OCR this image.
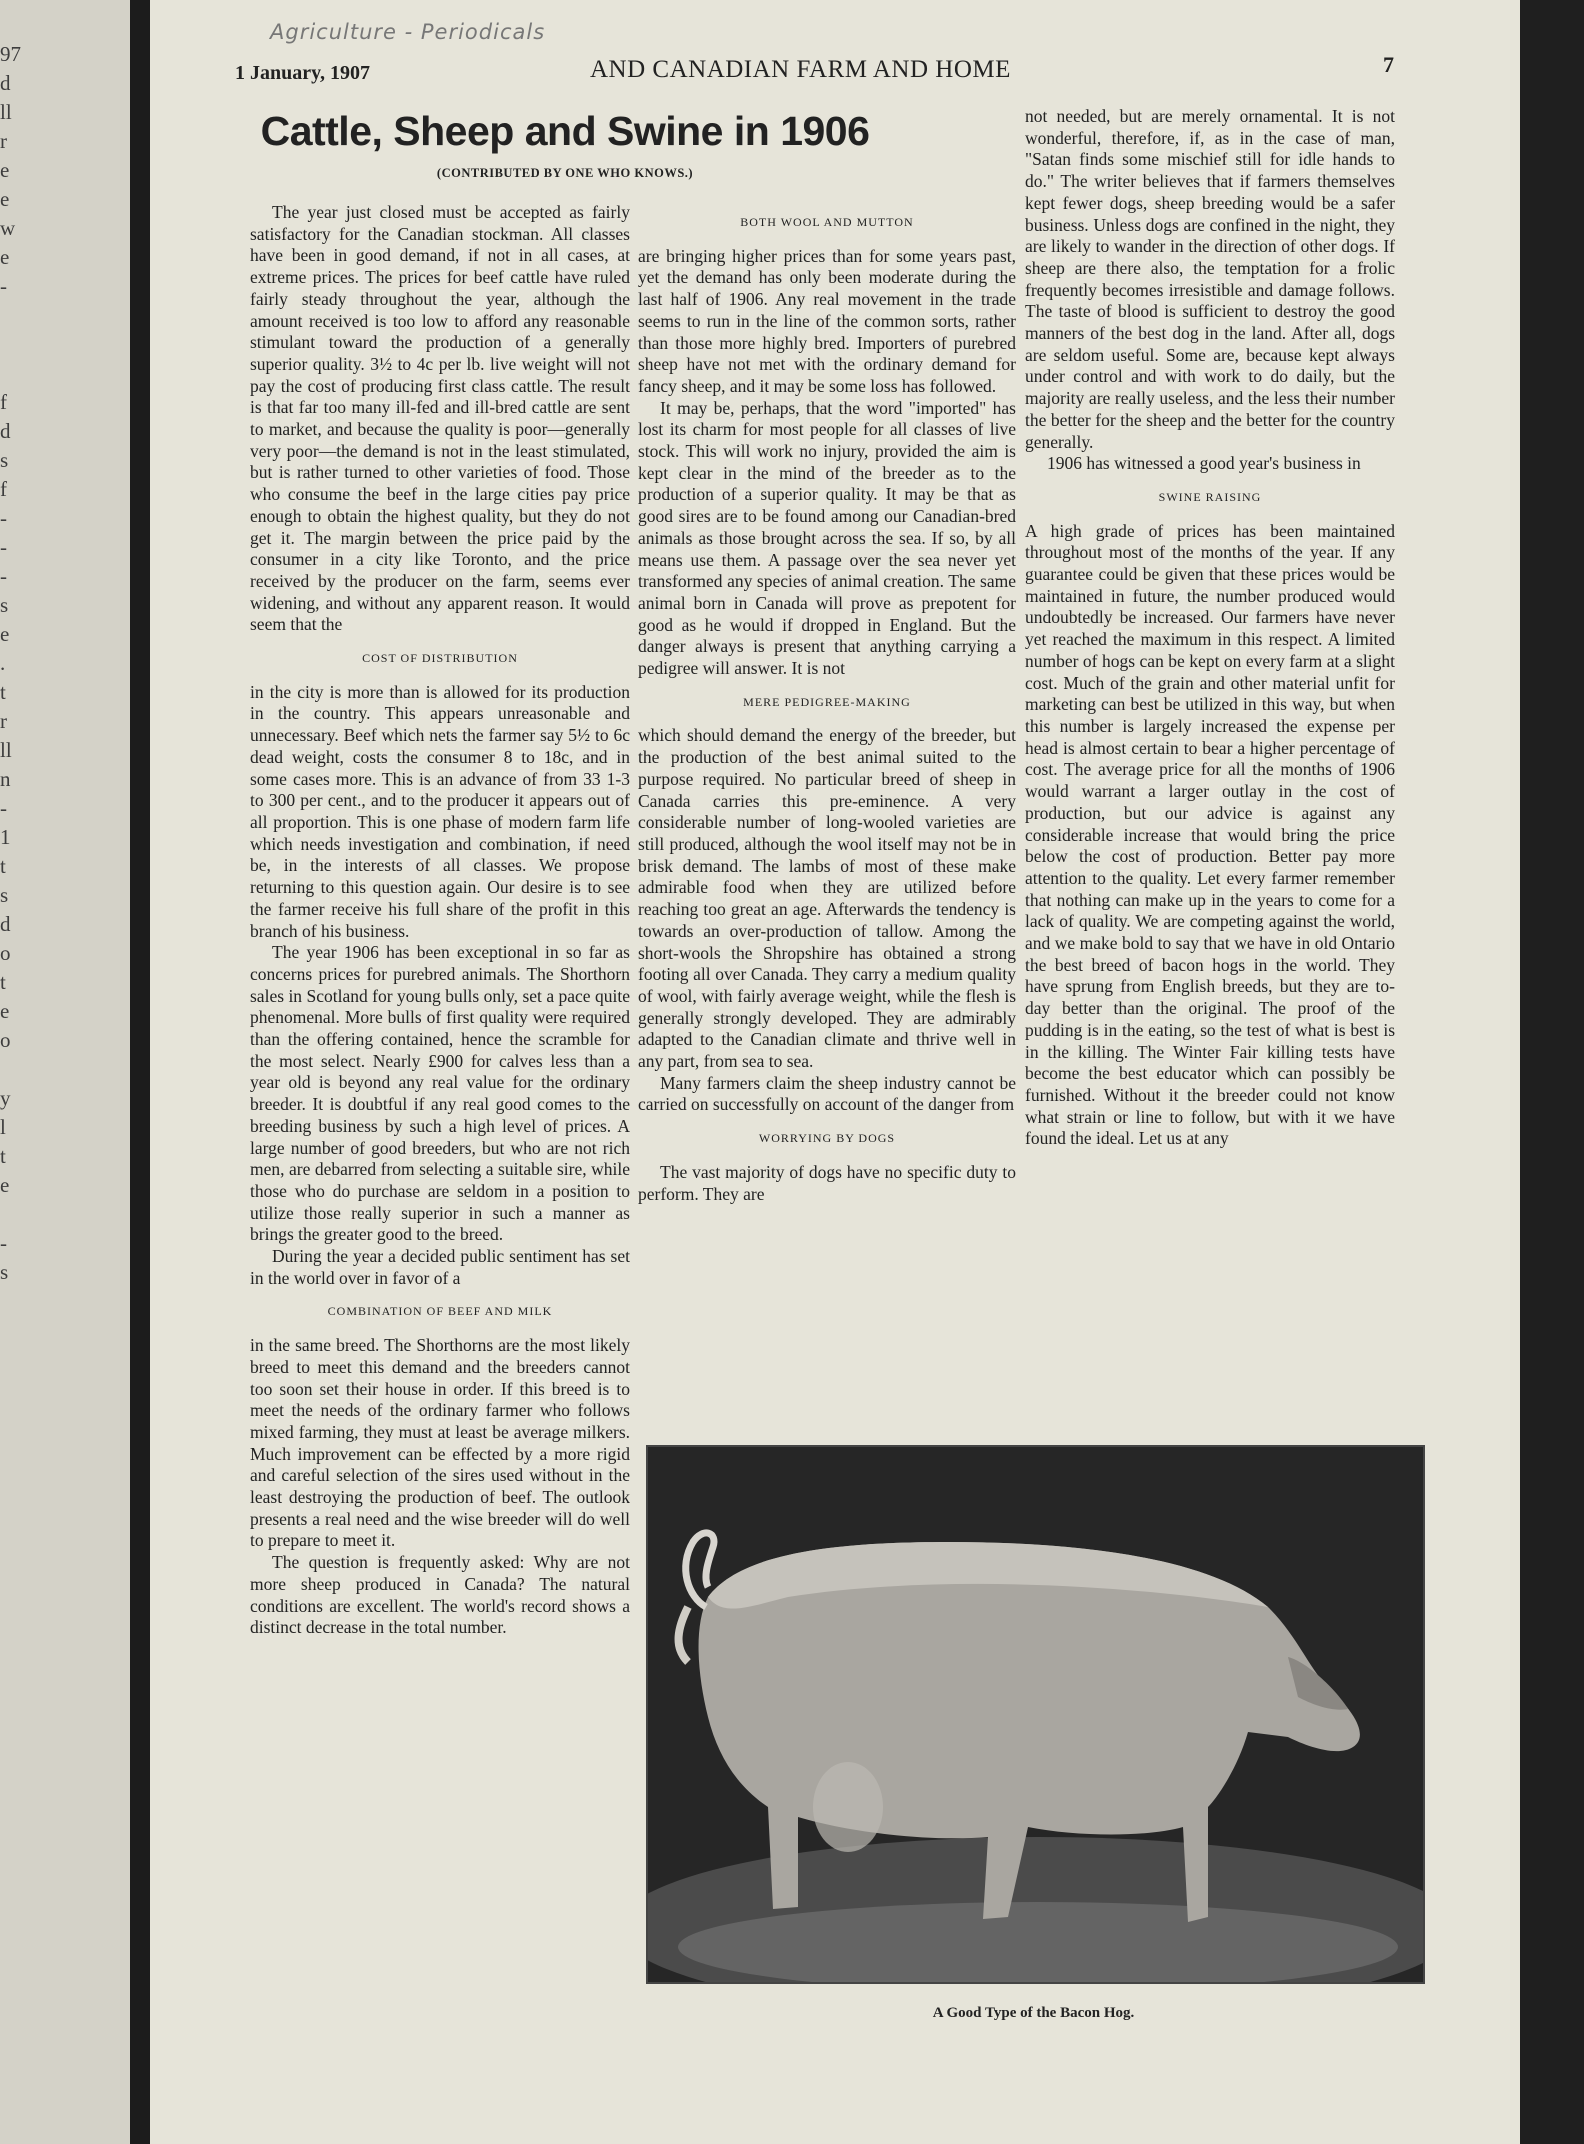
97
d
ll
r
e
e
w
e
-

f
d
s
f
-
-
-
s
e
.
t
r
ll
n
-
1
t
s
d
o
t
e
o

y
l
t
e

-
s
Agriculture - Periodicals
1 January, 1907	AND CANADIAN FARM AND HOME	7
Cattle, Sheep and Swine in 1906
(CONTRIBUTED BY ONE WHO KNOWS.)

The year just closed must be accepted as fairly satisfactory for the Canadian stockman. All classes have been in good demand, if not in all cases, at extreme prices. The prices for beef cattle have ruled fairly steady throughout the year, although the amount received is too low to afford any reasonable stimulant toward the production of a generally superior quality. 3½ to 4c per lb. live weight will not pay the cost of producing first class cattle. The result is that far too many ill-fed and ill-bred cattle are sent to market, and because the quality is poor—generally very poor—the demand is not in the least stimulated, but is rather turned to other varieties of food. Those who consume the beef in the large cities pay price enough to obtain the highest quality, but they do not get it. The margin between the price paid by the consumer in a city like Toronto, and the price received by the producer on the farm, seems ever widening, and without any apparent reason. It would seem that the

COST OF DISTRIBUTION

in the city is more than is allowed for its production in the country. This appears unreasonable and unnecessary. Beef which nets the farmer say 5½ to 6c dead weight, costs the consumer 8 to 18c, and in some cases more. This is an advance of from 33 1-3 to 300 per cent., and to the producer it appears out of all proportion. This is one phase of modern farm life which needs investigation and combination, if need be, in the interests of all classes. We propose returning to this question again. Our desire is to see the farmer receive his full share of the profit in this branch of his business.

The year 1906 has been exceptional in so far as concerns prices for purebred animals. The Shorthorn sales in Scotland for young bulls only, set a pace quite phenomenal. More bulls of first quality were required than the offering contained, hence the scramble for the most select. Nearly £900 for calves less than a year old is beyond any real value for the ordinary breeder. It is doubtful if any real good comes to the breeding business by such a high level of prices. A large number of good breeders, but who are not rich men, are debarred from selecting a suitable sire, while those who do purchase are seldom in a position to utilize those really superior in such a manner as brings the greater good to the breed.

During the year a decided public sentiment has set in the world over in favor of a

COMBINATION OF BEEF AND MILK

in the same breed. The Shorthorns are the most likely breed to meet this demand and the breeders cannot too soon set their house in order. If this breed is to meet the needs of the ordinary farmer who follows mixed farming, they must at least be average milkers. Much improvement can be effected by a more rigid and careful selection of the sires used without in the least destroying the production of beef. The outlook presents a real need and the wise breeder will do well to prepare to meet it.

The question is frequently asked: Why are not more sheep produced in Canada? The natural conditions are excellent. The world's record shows a distinct decrease in the total number.

BOTH WOOL AND MUTTON

are bringing higher prices than for some years past, yet the demand has only been moderate during the last half of 1906. Any real movement in the trade seems to run in the line of the common sorts, rather than those more highly bred. Importers of purebred sheep have not met with the ordinary demand for fancy sheep, and it may be some loss has followed.

It may be, perhaps, that the word "imported" has lost its charm for most people for all classes of live stock. This will work no injury, provided the aim is kept clear in the mind of the breeder as to the production of a superior quality. It may be that as good sires are to be found among our Canadian-bred animals as those brought across the sea. If so, by all means use them. A passage over the sea never yet transformed any species of animal creation. The same animal born in Canada will prove as prepotent for good as he would if dropped in England. But the danger always is present that anything carrying a pedigree will answer. It is not

MERE PEDIGREE-MAKING

which should demand the energy of the breeder, but the production of the best animal suited to the purpose required. No particular breed of sheep in Canada carries this pre-eminence. A very considerable number of long-wooled varieties are still produced, although the wool itself may not be in brisk demand. The lambs of most of these make admirable food when they are utilized before reaching too great an age. Afterwards the tendency is towards an over-production of tallow. Among the short-wools the Shropshire has obtained a strong footing all over Canada. They carry a medium quality of wool, with fairly average weight, while the flesh is generally strongly developed. They are admirably adapted to the Canadian climate and thrive well in any part, from sea to sea.

Many farmers claim the sheep industry cannot be carried on successfully on account of the danger from

WORRYING BY DOGS

The vast majority of dogs have no specific duty to perform. They are

not needed, but are merely ornamental. It is not wonderful, therefore, if, as in the case of man, "Satan finds some mischief still for idle hands to do." The writer believes that if farmers themselves kept fewer dogs, sheep breeding would be a safer business. Unless dogs are confined in the night, they are likely to wander in the direction of other dogs. If sheep are there also, the temptation for a frolic frequently becomes irresistible and damage follows. The taste of blood is sufficient to destroy the good manners of the best dog in the land. After all, dogs are seldom useful. Some are, because kept always under control and with work to do daily, but the majority are really useless, and the less their number the better for the sheep and the better for the country generally.

1906 has witnessed a good year's business in

SWINE RAISING

A high grade of prices has been maintained throughout most of the months of the year. If any guarantee could be given that these prices would be maintained in future, the number produced would undoubtedly be increased. Our farmers have never yet reached the maximum in this respect. A limited number of hogs can be kept on every farm at a slight cost. Much of the grain and other material unfit for marketing can best be utilized in this way, but when this number is largely increased the expense per head is almost certain to bear a higher percentage of cost. The average price for all the months of 1906 would warrant a larger outlay in the cost of production, but our advice is against any considerable increase that would bring the price below the cost of production. Better pay more attention to the quality. Let every farmer remember that nothing can make up in the years to come for a lack of quality. We are competing against the world, and we make bold to say that we have in old Ontario the best breed of bacon hogs in the world. They have sprung from English breeds, but they are to-day better than the original. The proof of the pudding is in the eating, so the test of what is best is in the killing. The Winter Fair killing tests have become the best educator which can possibly be furnished. Without it the breeder could not know what strain or line to follow, but with it we have found the ideal. Let us at any

A Good Type of the Bacon Hog.
